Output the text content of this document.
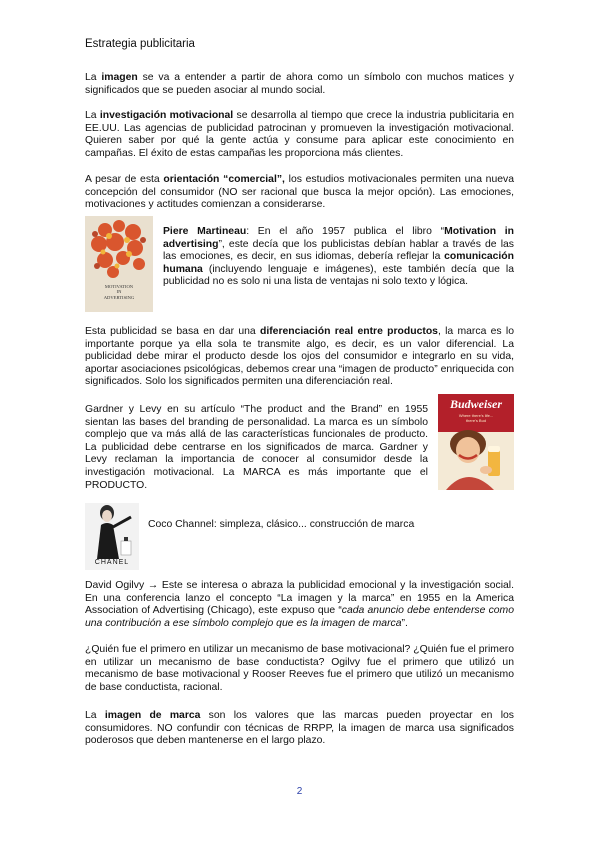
Estrategia publicitaria

La imagen se va a entender a partir de ahora como un símbolo con muchos matices y significados que se pueden asociar al mundo social.

La investigación motivacional se desarrolla al tiempo que crece la industria publicitaria en EE.UU. Las agencias de publicidad patrocinan y promueven la investigación motivacional. Quieren saber por qué la gente actúa y consume para aplicar este conocimiento en campañas. El éxito de estas campañas les proporciona más clientes.

A pesar de esta orientación “comercial”, los estudios motivacionales permiten una nueva concepción del consumidor (NO ser racional que busca la mejor opción). Las emociones, motivaciones y actitudes comienzan a considerarse.

MOTIVATION
IN
ADVERTISING

Piere Martineau: En el año 1957 publica el libro “Motivation in advertising”, este decía que los publicistas debían hablar a través de las las emociones, es decir, en sus idiomas, debería reflejar la comunicación humana (incluyendo lenguaje e imágenes), este también decía que la publicidad no es solo ni una lista de ventajas ni solo texto y lógica.

Esta publicidad se basa en dar una diferenciación real entre productos, la marca es lo importante porque ya ella sola te transmite algo, es decir, es un valor diferencial. La publicidad debe mirar el producto desde los ojos del consumidor e integrarlo en su vida, aportar asociaciones psicológicas, debemos crear una “imagen de producto” enriquecida con significados. Solo los significados permiten una diferenciación real.

Gardner y Levy en su artículo “The product and the Brand” en 1955 sientan las bases del branding de personalidad. La marca es un símbolo complejo que va más allá de las características funcionales de producto. La publicidad debe centrarse en los significados de marca. Gardner y Levy reclaman la importancia de conocer al consumidor desde la investigación motivacional. La MARCA es más importante que el PRODUCTO.

Budweiser
Where there's life...
there's Bud
CHANEL

Coco Channel: simpleza, clásico... construcción de marca

David Ogilvy → Este se interesa o abraza la publicidad emocional y la investigación social. En una conferencia lanzo el concepto “La imagen y la marca” en 1955 en la America Association of Advertising (Chicago), este expuso que “cada anuncio debe entenderse como una contribución a ese símbolo complejo que es la imagen de marca”.

¿Quién fue el primero en utilizar un mecanismo de base motivacional? ¿Quién fue el primero en utilizar un mecanismo de base conductista? Ogilvy fue el primero que utilizó un mecanismo de base motivacional y Rooser Reeves fue el primero que utilizó un mecanismo de base conductista, racional.

La imagen de marca son los valores que las marcas pueden proyectar en los consumidores. NO confundir con técnicas de RRPP, la imagen de marca usa significados poderosos que deben mantenerse en el largo plazo.

2
